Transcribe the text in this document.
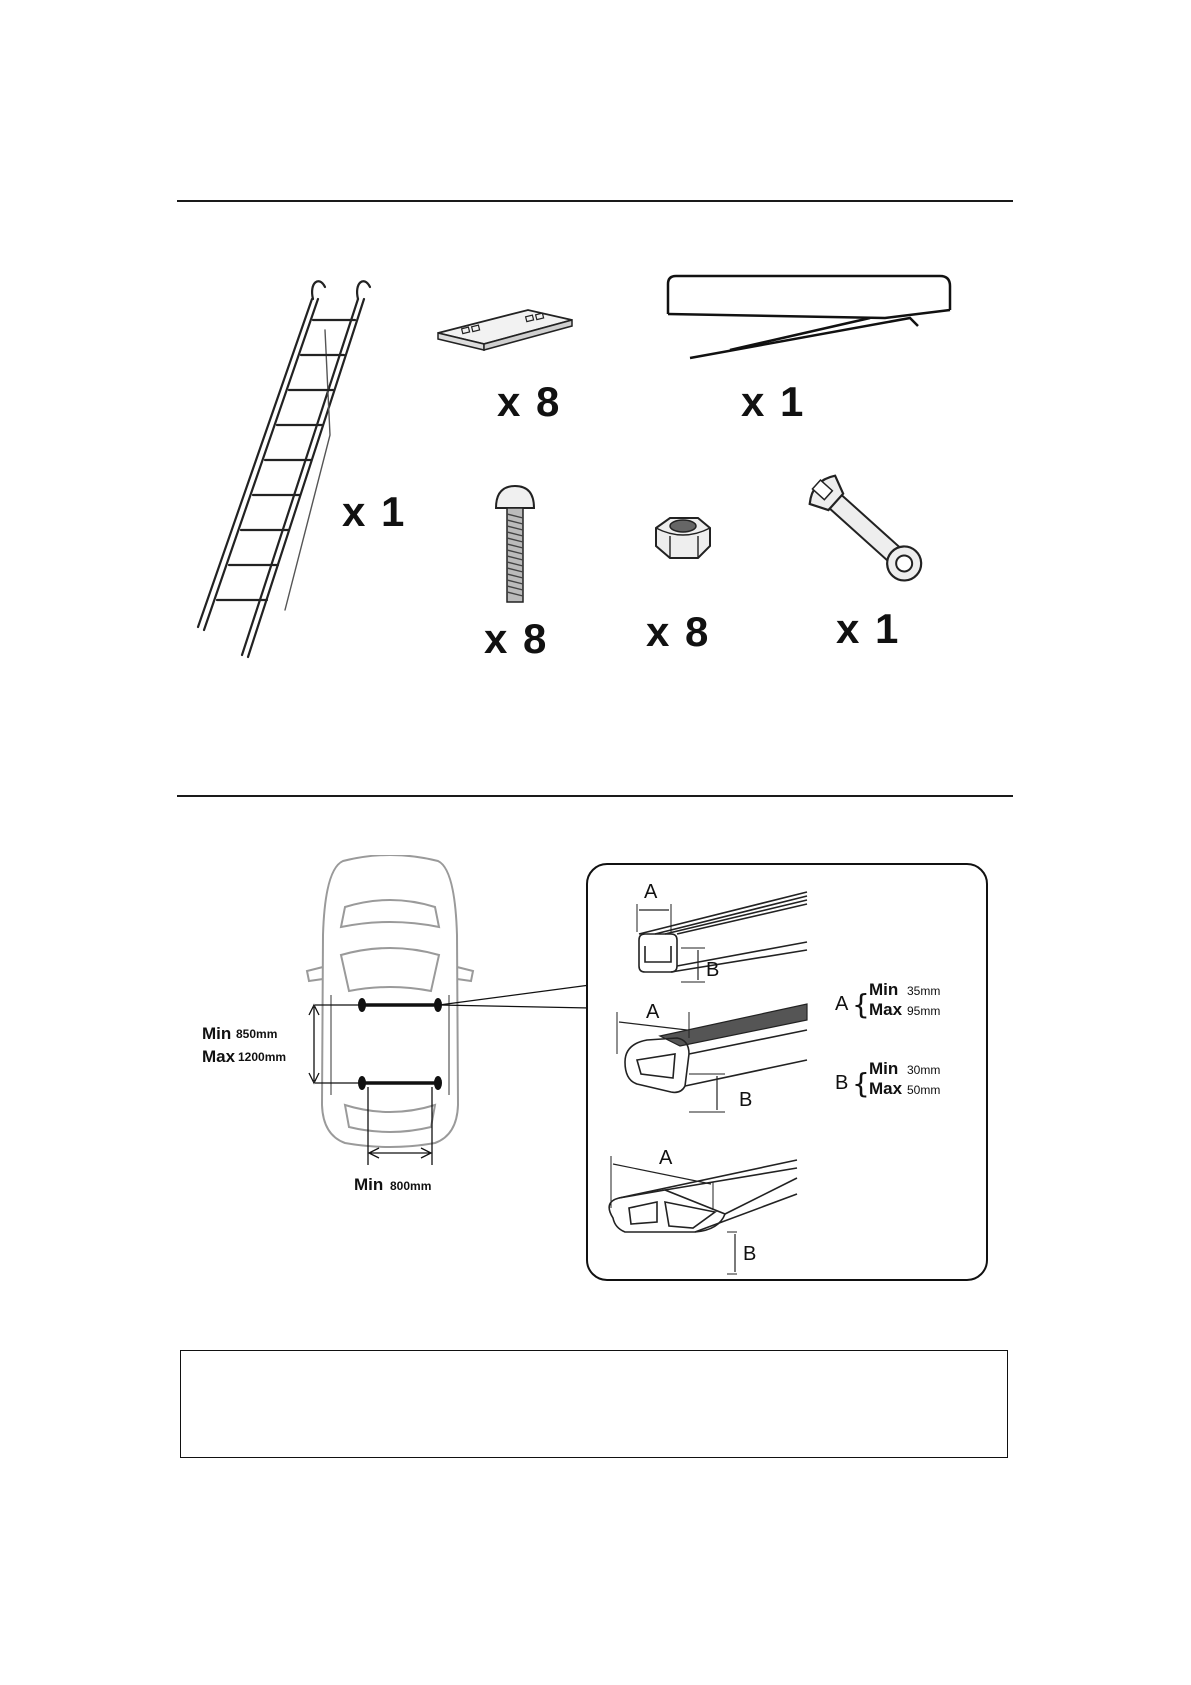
x 1
x 8	x 1
x 8 x 8	x 1
Min 850mm
Max 1200mm
Min 800mm
A
B
A
B
A
B
A { Min 35mm
Max 95mm
B { Min 30mm
Max 50mm
